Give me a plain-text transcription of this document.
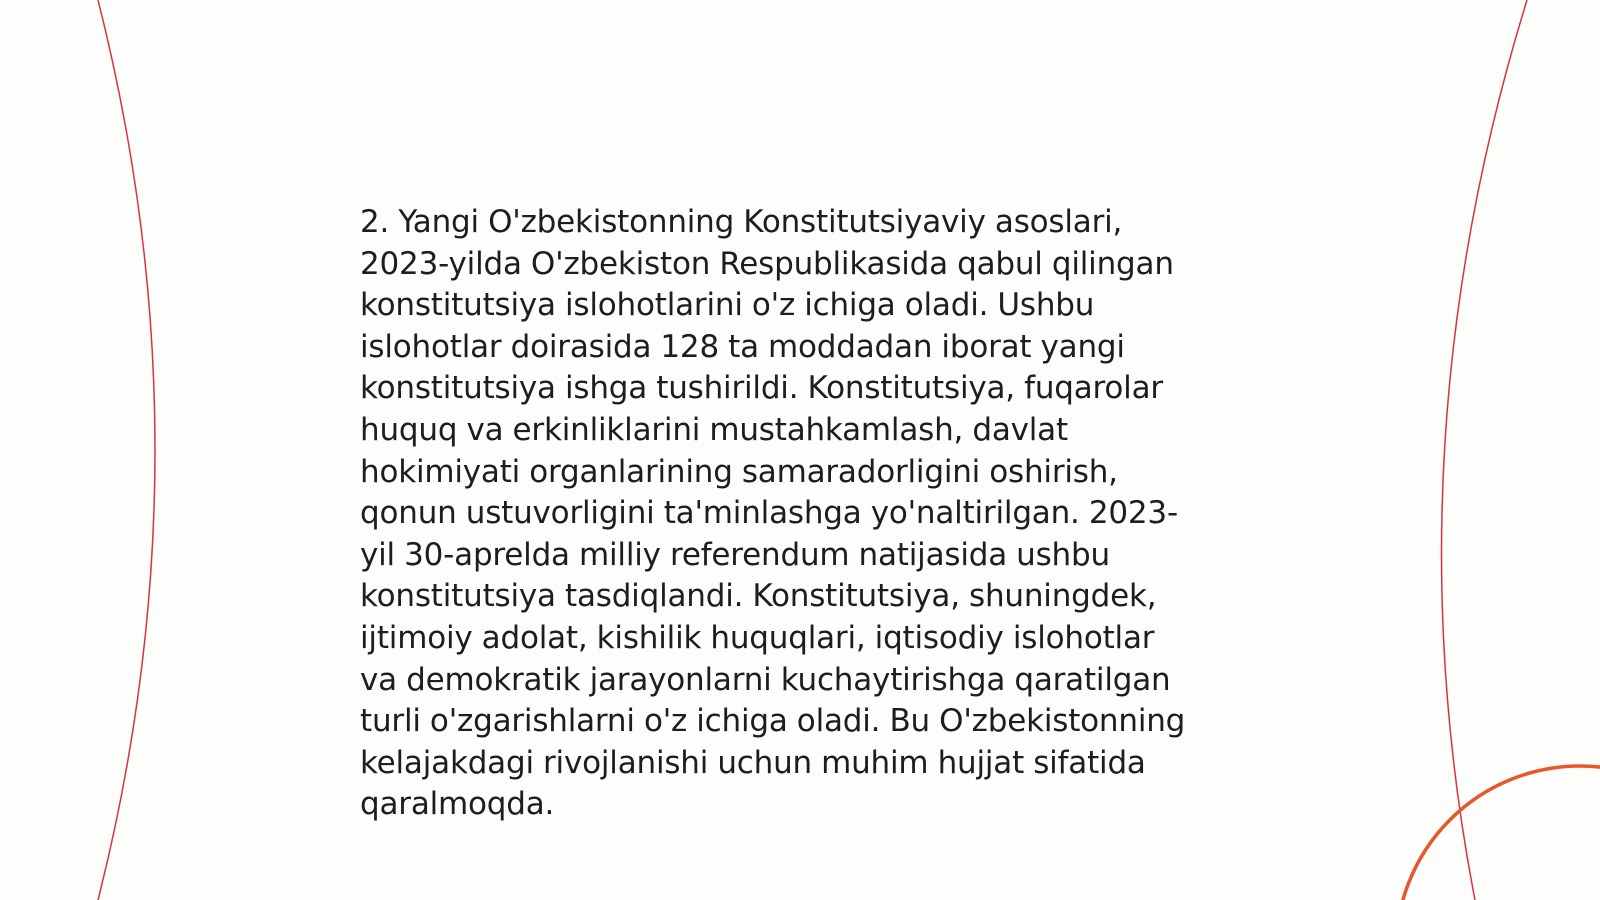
2. Yangi O'zbekistonning Konstitutsiyaviy asoslari,
2023-yilda O'zbekiston Respublikasida qabul qilingan
konstitutsiya islohotlarini o'z ichiga oladi. Ushbu
islohotlar doirasida 128 ta moddadan iborat yangi
konstitutsiya ishga tushirildi. Konstitutsiya, fuqarolar
huquq va erkinliklarini mustahkamlash, davlat
hokimiyati organlarining samaradorligini oshirish,
qonun ustuvorligini ta'minlashga yo'naltirilgan. 2023-
yil 30-aprelda milliy referendum natijasida ushbu
konstitutsiya tasdiqlandi. Konstitutsiya, shuningdek,
ijtimoiy adolat, kishilik huquqlari, iqtisodiy islohotlar
va demokratik jarayonlarni kuchaytirishga qaratilgan
turli o'zgarishlarni o'z ichiga oladi. Bu O'zbekistonning
kelajakdagi rivojlanishi uchun muhim hujjat sifatida
qaralmoqda.
